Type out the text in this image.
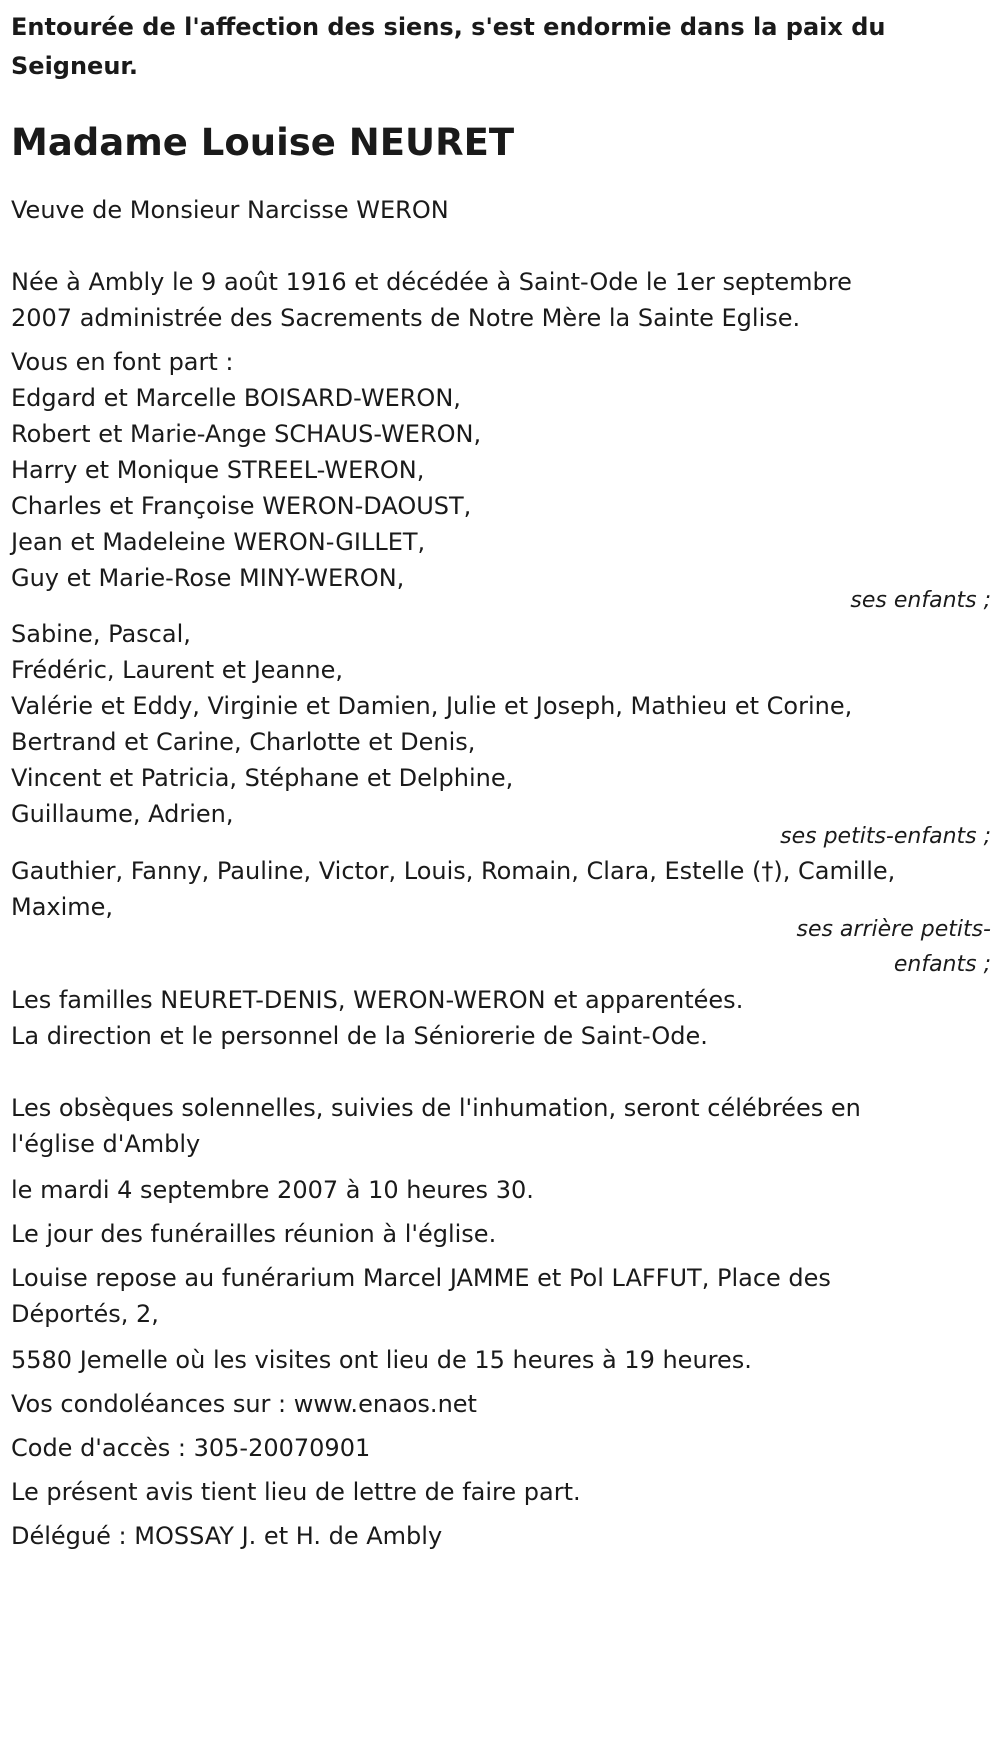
Entourée de l'affection des siens, s'est endormie dans la paix du Seigneur.

Madame Louise NEURET

Veuve de Monsieur Narcisse WERON

Née à Ambly le 9 août 1916 et décédée à Saint-Ode le 1er septembre

2007 administrée des Sacrements de Notre Mère la Sainte Eglise.

Vous en font part :

Edgard et Marcelle BOISARD-WERON,
Robert et Marie-Ange SCHAUS-WERON,
Harry et Monique STREEL-WERON,
Charles et Françoise WERON-DAOUST,
Jean et Madeleine WERON-GILLET,
Guy et Marie-Rose MINY-WERON,

ses enfants ;

Sabine, Pascal,
Frédéric, Laurent et Jeanne,
Valérie et Eddy, Virginie et Damien, Julie et Joseph, Mathieu et Corine,
Bertrand et Carine, Charlotte et Denis,
Vincent et Patricia, Stéphane et Delphine,
Guillaume, Adrien,

ses petits-enfants ;

Gauthier, Fanny, Pauline, Victor, Louis, Romain, Clara, Estelle (†), Camille,
Maxime,

ses arrière petits-

enfants ;

Les familles NEURET-DENIS, WERON-WERON et apparentées.

La direction et le personnel de la Séniorerie de Saint-Ode.

Les obsèques solennelles, suivies de l'inhumation, seront célébrées en

l'église d'Ambly

le mardi 4 septembre 2007 à 10 heures 30.

Le jour des funérailles réunion à l'église.

Louise repose au funérarium Marcel JAMME et Pol LAFFUT, Place des

Déportés, 2,

5580 Jemelle où les visites ont lieu de 15 heures à 19 heures.

Vos condoléances sur : www.enaos.net

Code d'accès : 305-20070901

Le présent avis tient lieu de lettre de faire part.

Délégué : MOSSAY J. et H. de Ambly
